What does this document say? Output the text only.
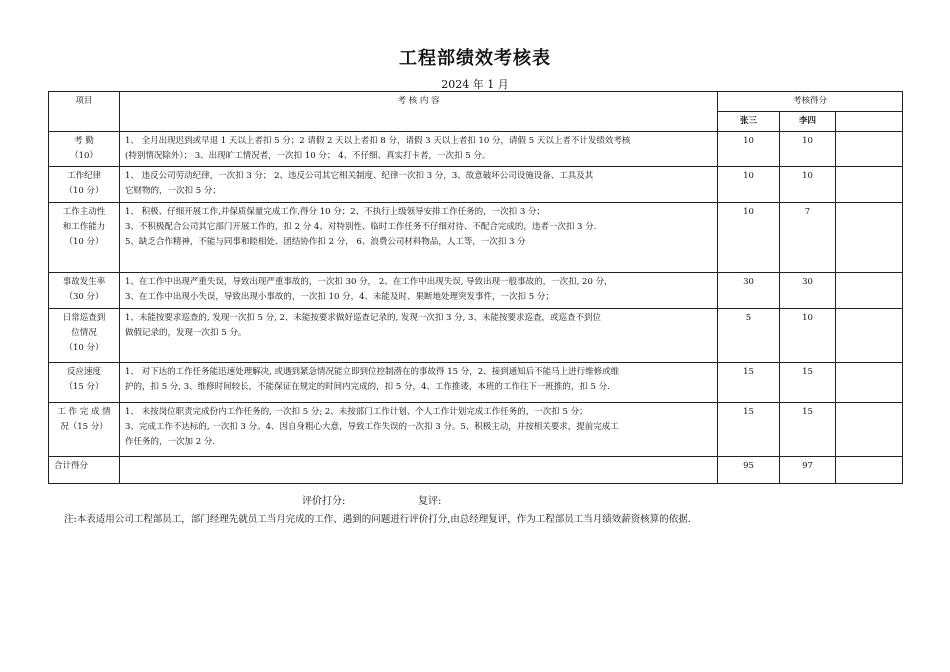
工程部绩效考核表
2024 年 1 月
项目	考 核 内 容	考核得分		
		张三	李四	

考 勤
（10）	1、 全月出现迟到或早退 1 天以上者扣 5 分；2 请假 2 天以上者扣 8 分，请假 3 天以上者扣 10 分，请假 5 天以上者不计发绩效考核
(特别情况除外）； 3、出现旷工情况者，一次扣 10 分； 4、不仔细、真实打卡者，一次扣 5 分。	10	10	

工作纪律
（10 分）	1、 违反公司劳动纪律，一次扣 3 分； 2、违反公司其它相关制度、纪律一次扣 3 分，3、故意破坏公司设施设备、工具及其
它财物的，一次扣 5 分；	10	10	

工作主动性
和工作能力
（10 分）	1、 积极、仔细开展工作,并保质保量完成工作,得分 10 分；2、不执行上级领导安排工作任务的，一次扣 3 分；
3、不积极配合公司其它部门开展工作的，扣 2 分 4、对特别性、临时工作任务不仔细对待、不配合完成的，违者一次扣 3 分.
5、缺乏合作精神，不能与同事和睦相处、团结协作扣 2 分， 6、浪费公司材料物品，人工等，一次扣 3 分	10	7	

事故发生率
（30 分）	1、在工作中出现严重失误，导致出现严重事故的，一次扣 30 分， 2、在工作中出现失误, 导致出现一般事故的，一次扣, 20 分，
3、在工作中出现小失误，导致出现小事故的，一次扣 10 分，4、未能及时、果断地处理突发事件，一次扣 5 分；	30	30	

日常巡查到
位情况
（10 分）	1、未能按要求巡查的, 发现一次扣 5 分, 2、未能按要求做好巡查记录的, 发现一次扣 3 分, 3、未能按要求巡查，或巡查不到位
做假记录的，发现一次扣 5 分。	5	10	

反应速度
（15 分）	1、 对下达的工作任务能迅速处理解决, 或遇到紧急情况能立即到位控制潜在的事故得 15 分，2、接到通知后不能马上进行维修或维
护的，扣 5 分, 3、维修时间较长，不能保证在规定的时间内完成的，扣 5 分，4、工作推诿，本班的工作往下一班推的，扣 5 分.	15	15	

工 作 完 成 情
况（15 分）	1、 未按岗位职责完成份内工作任务的, 一次扣 5 分; 2、未按部门工作计划、个人工作计划完成工作任务的，一次扣 5 分；
3、完成工作不达标的, 一次扣 3 分。4、因自身粗心大意，导致工作失误的一次扣 3 分。5、积极主动，并按相关要求，提前完成工
作任务的，一次加 2 分.	15	15	
合计得分		95	97	
评价打分:	复评:
注:本表适用公司工程部员工，部门经理先就员工当月完成的工作、遇到的问题进行评价打分,由总经理复评，作为工程部员工当月绩效薪资核算的依据.
